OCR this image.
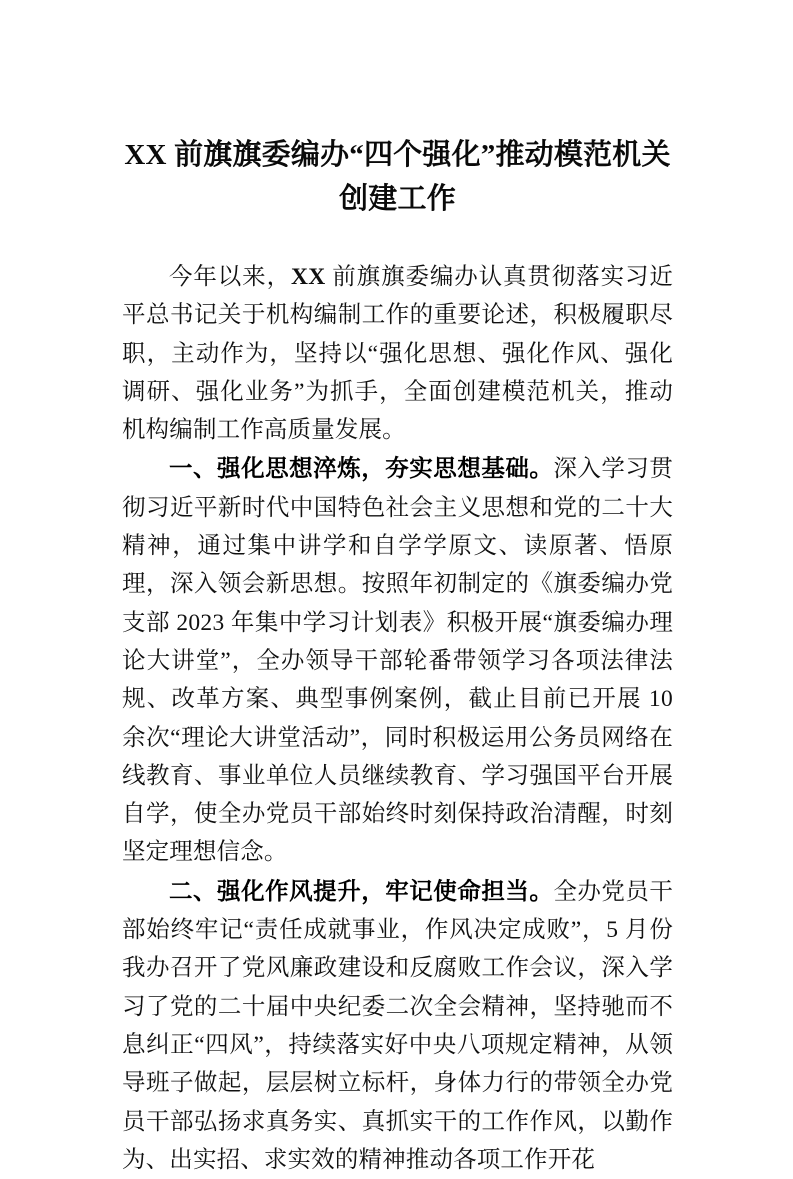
XX 前旗旗委编办“四个强化”推动模范机关
创建工作

今年以来，XX 前旗旗委编办认真贯彻落实习近平总书记关于机构编制工作的重要论述，积极履职尽职，主动作为，坚持以“强化思想、强化作风、强化调研、强化业务”为抓手，全面创建模范机关，推动机构编制工作高质量发展。

一、强化思想淬炼，夯实思想基础。深入学习贯彻习近平新时代中国特色社会主义思想和党的二十大精神，通过集中讲学和自学学原文、读原著、悟原理，深入领会新思想。按照年初制定的《旗委编办党支部 2023 年集中学习计划表》积极开展“旗委编办理论大讲堂”，全办领导干部轮番带领学习各项法律法规、改革方案、典型事例案例，截止目前已开展 10 余次“理论大讲堂活动”，同时积极运用公务员网络在线教育、事业单位人员继续教育、学习强国平台开展自学，使全办党员干部始终时刻保持政治清醒，时刻坚定理想信念。

二、强化作风提升，牢记使命担当。全办党员干部始终牢记“责任成就事业，作风决定成败”，5 月份我办召开了党风廉政建设和反腐败工作会议，深入学习了党的二十届中央纪委二次全会精神，坚持驰而不息纠正“四风”，持续落实好中央八项规定精神，从领导班子做起，层层树立标杆，身体力行的带领全办党员干部弘扬求真务实、真抓实干的工作作风，以勤作为、出实招、求实效的精神推动各项工作开花
